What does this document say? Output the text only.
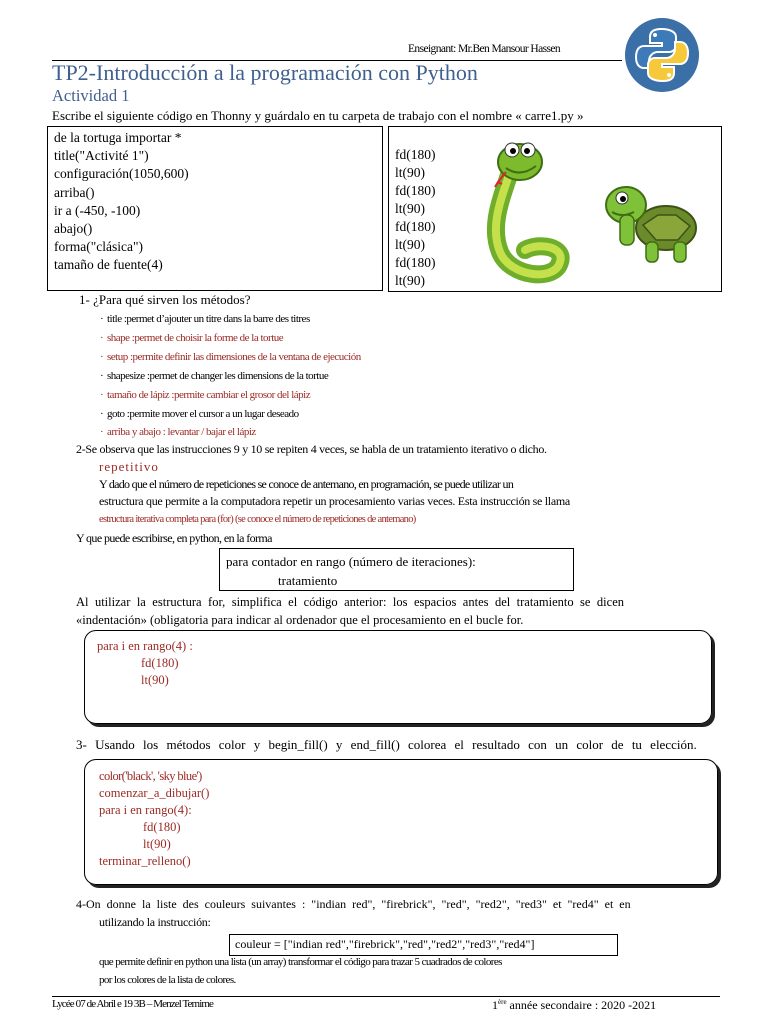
Enseignant: Mr.Ben Mansour Hassen
TP2-Introducción a la programación con Python
Actividad 1
Escribe el siguiente código en Thonny y guárdalo en tu carpeta de trabajo con el nombre « carre1.py »
de la tortuga importar *
title("Activité 1")
configuración(1050,600)
arriba()
ir a (-450, -100)
abajo()
forma("clásica")
tamaño de fuente(4)
fd(180)
lt(90)
fd(180)
lt(90)
fd(180)
lt(90)
fd(180)
lt(90)
1- ¿Para qué sirven los métodos?
· title :permet d’ajouter un titre dans la barre des titres
· shape :permet de choisir la forme de la tortue
· setup :permite definir las dimensiones de la ventana de ejecución
· shapesize :permet de changer les dimensions de la tortue
· tamaño de lápiz :permite cambiar el grosor del lápiz
· goto :permite mover el cursor a un lugar deseado
· arriba y abajo : levantar / bajar el lápiz
2-Se observa que las instrucciones 9 y 10 se repiten 4 veces, se habla de un tratamiento iterativo o dicho.
repetitivo
Y dado que el número de repeticiones se conoce de antemano, en programación, se puede utilizar un
estructura que permite a la computadora repetir un procesamiento varias veces. Esta instrucción se llama
estructura iterativa completa para (for) (se conoce el número de repeticiones de antemano)
Y que puede escribirse, en python, en la forma
para contador en rango (número de iteraciones):
tratamiento
Al utilizar la estructura for, simplifica el código anterior: los espacios antes del tratamiento se dicen «indentación» (obligatoria para indicar al ordenador que el procesamiento en el bucle for.
para i en rango(4) :
fd(180)
lt(90)
3- Usando los métodos color y begin_fill() y end_fill() colorea el resultado con un color de tu elección.
color('black', 'sky blue')
comenzar_a_dibujar()
para i en rango(4):
fd(180)
lt(90)
terminar_relleno()
4-On donne la liste des couleurs suivantes : "indian red", "firebrick", "red", "red2", "red3" et "red4" et en
utilizando la instrucción:
couleur = ["indian red","firebrick","red","red2","red3","red4"]
que permite definir en python una lista (un array) transformar el código para trazar 5 cuadrados de colores
por los colores de la lista de colores.
Lycée 07 de Abril e 19 3B – Menzel Temime	1ère année secondaire : 2020 -2021
